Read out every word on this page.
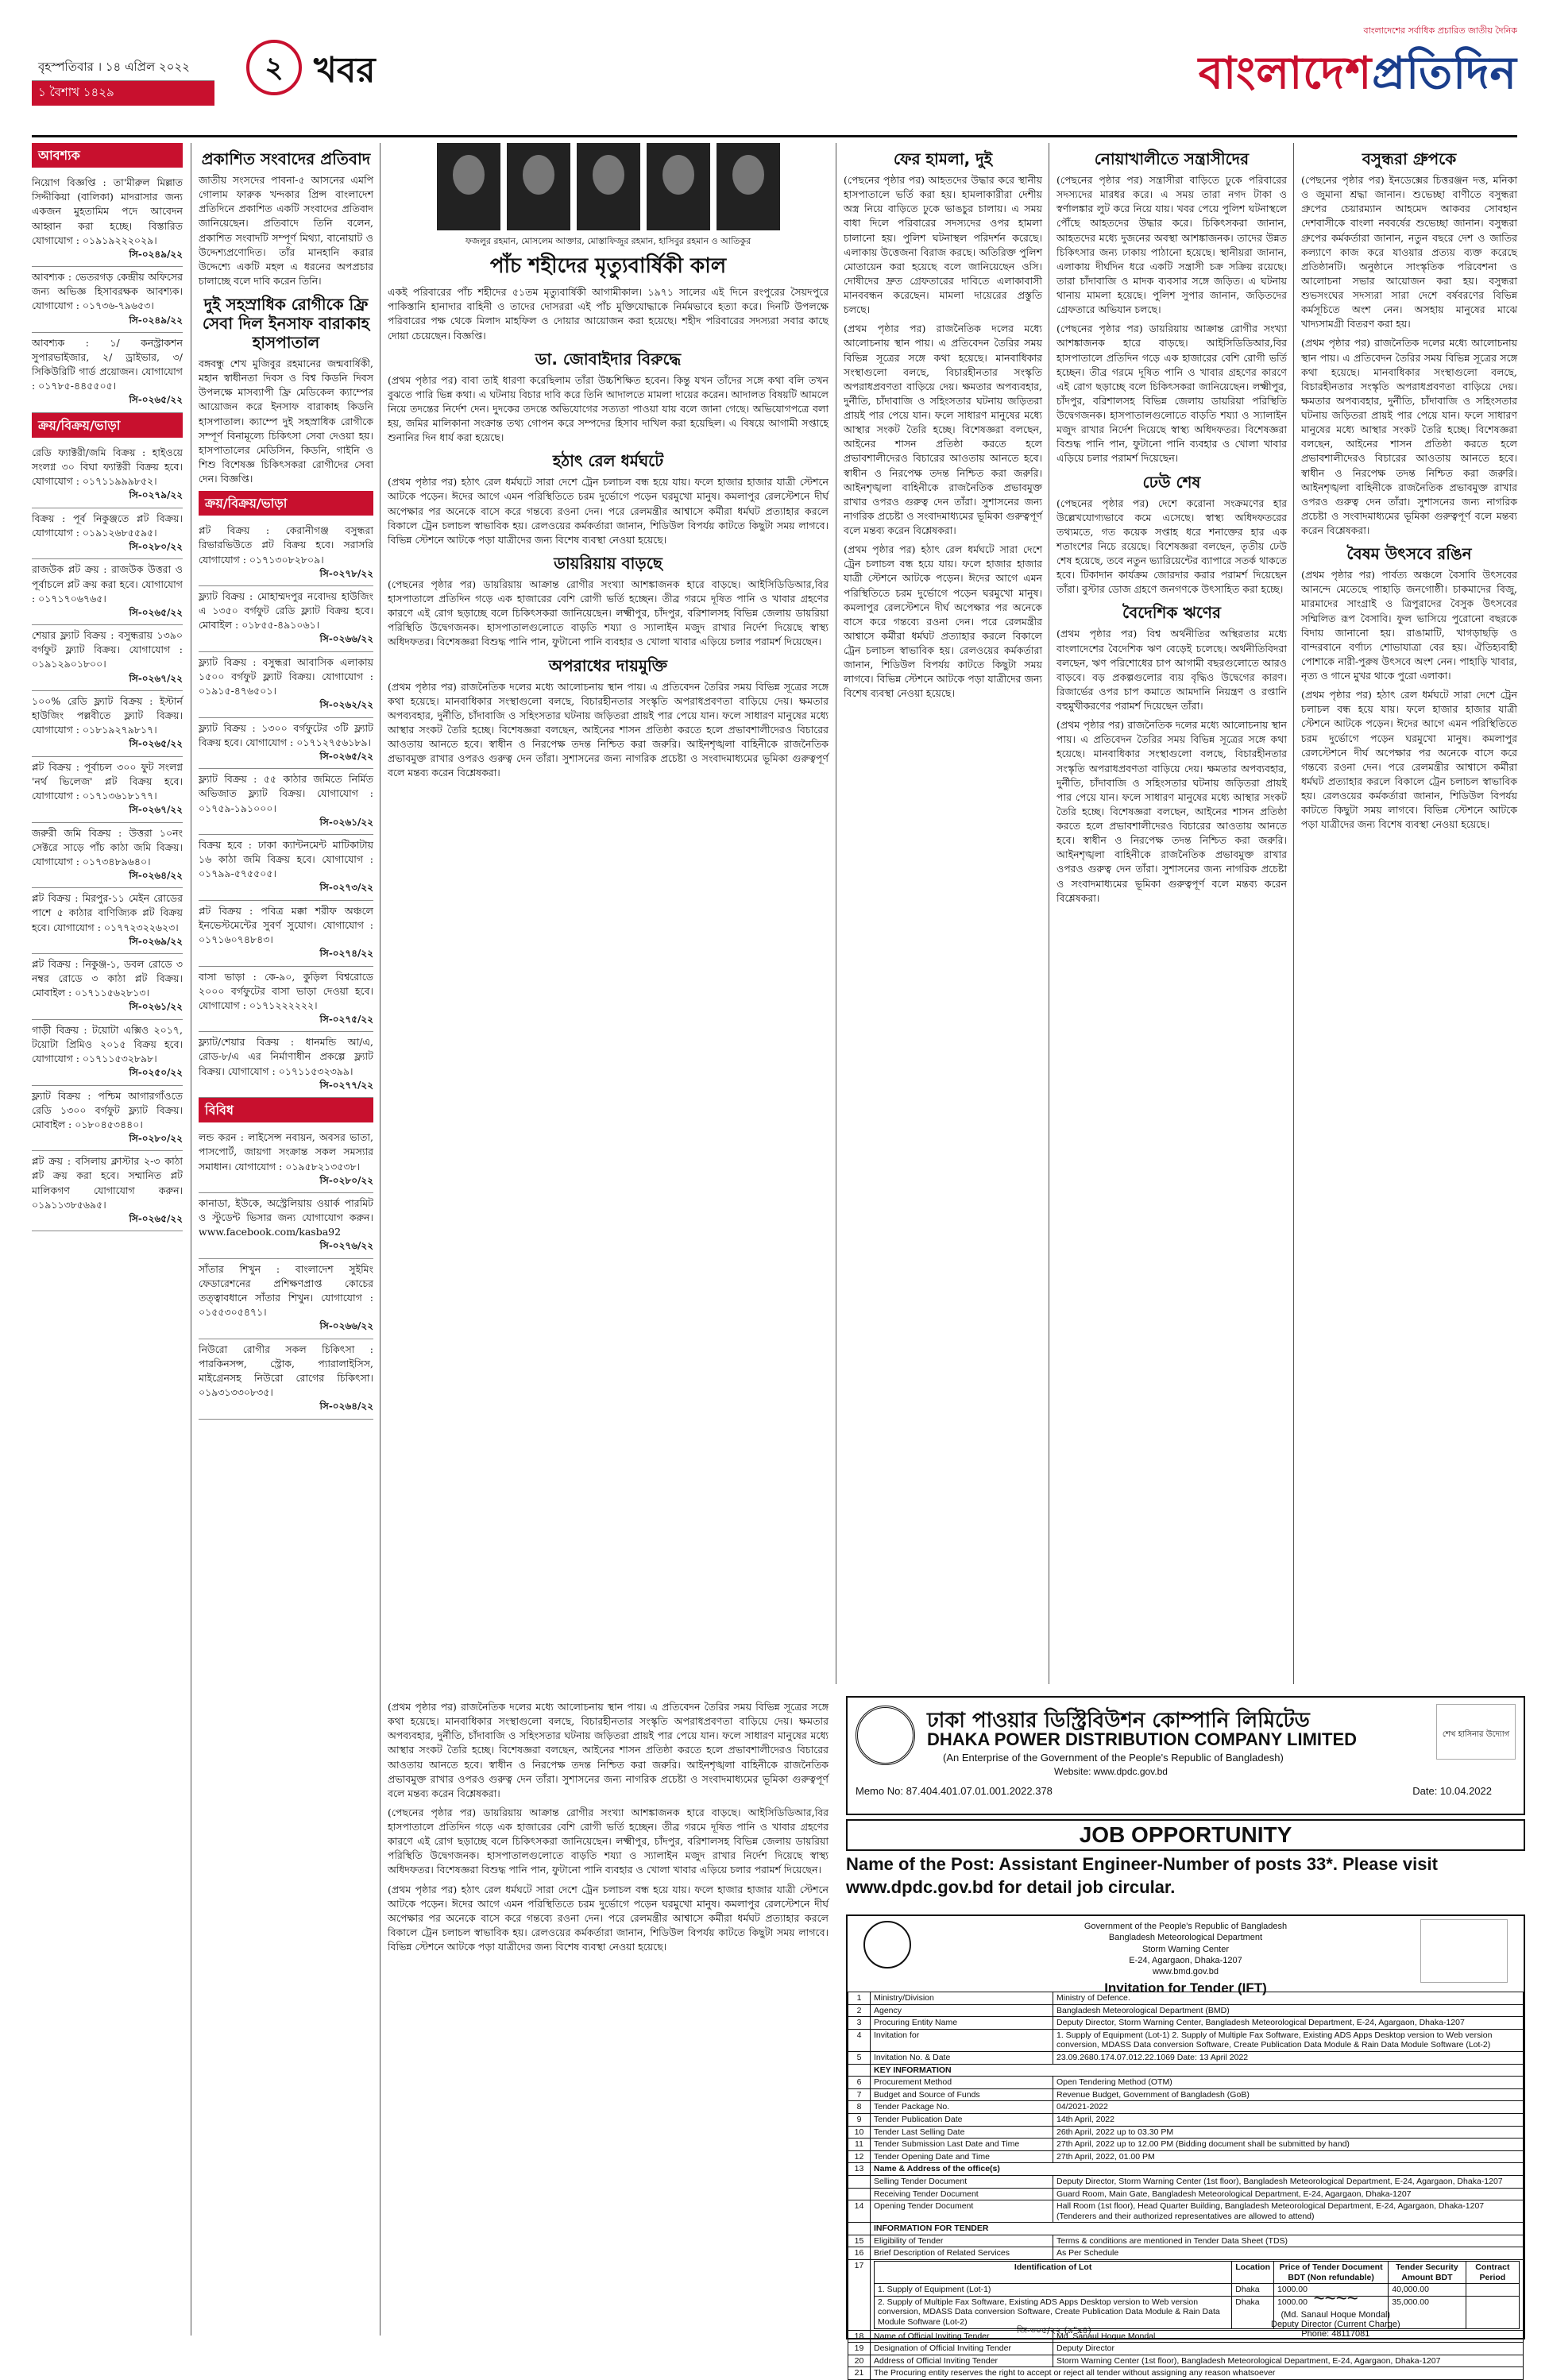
বৃহস্পতিবার । ১৪ এপ্রিল ২০২২
১ বৈশাখ ১৪২৯
২ খবর
বাংলাদেশের সর্বাধিক প্রচারিত জাতীয় দৈনিক
বাংলাদেশপ্রতিদিন
আবশ্যক
নিয়োগ বিজ্ঞপ্তি : তা'মীরুল মিল্লাত সিদ্দীকিয়া (বালিকা) মাদরাসার জন্য একজন মুহতামিম পদে আবেদন আহ্বান করা হচ্ছে। বিস্তারিত যোগাযোগ : ০১৯১৯২২২০২৯।
সি-০২৪৯/২২
আবশ্যক : ভেতরগড় কেন্দ্রীয় অফিসের জন্য অভিজ্ঞ হিসাবরক্ষক আবশ্যক। যোগাযোগ : ০১৭৩৬-৭৯৬৫৩।
সি-০২৪৯/২২
আবশ্যক : ১/ কনস্ট্রাকশন সুপারভাইজার, ২/ ড্রাইভার, ৩/ সিকিউরিটি গার্ড প্রয়োজন। যোগাযোগ : ০১৭৮৫-৪৪৫৫০৫।
সি-০২৬৫/২২
ক্রয়/বিক্রয়/ভাড়া
রেডি ফ্যাক্টরী/জমি বিক্রয় : হাইওয়ে সংলগ্ন ৩০ বিঘা ফ্যাক্টরী বিক্রয় হবে। যোগাযোগ : ০১৭১১৯৯৯৮৫২।
সি-০২৭৯/২২
বিক্রয় : পূর্ব নিকুঞ্জতে প্লট বিক্রয়। যোগাযোগ : ০১৯১২৬৮৫৫৯৫।
সি-০২৮০/২২
রাজউক প্লট ক্রয় : রাজউক উত্তরা ও পূর্বাচলে প্লট ক্রয় করা হবে। যোগাযোগ : ০১৭১৭০৬৭৬৫।
সি-০২৬৫/২২
শেয়ার ফ্ল্যাট বিক্রয় : বসুন্ধরায় ১৩৯০ বর্গফুট ফ্ল্যাট বিক্রয়। যোগাযোগ : ০১৯১২৯০১৮০০।
সি-০২৬৭/২২
১০০% রেডি ফ্ল্যাট বিক্রয় : ইস্টার্ন হাউজিং পল্লবীতে ফ্ল্যাট বিক্রয়। যোগাযোগ : ০১৮১৯২৭৯৮১৭।
সি-০২৬৫/২২
প্লট বিক্রয় : পূর্বাচল ৩০০ ফুট সংলগ্ন 'নর্থ ভিলেজ' প্লট বিক্রয় হবে। যোগাযোগ : ০১৭১৩৬১৮১৭৭।
সি-০২৬৭/২২
জরুরী জমি বিক্রয় : উত্তরা ১০নং সেক্টরে সাড়ে পাঁচ কাঠা জমি বিক্রয়। যোগাযোগ : ০১৭৩৪৮৯৬৪০।
সি-০২৬৪/২২
প্লট বিক্রয় : মিরপুর-১১ মেইন রোডের পাশে ৫ কাঠার বাণিজ্যিক প্লট বিক্রয় হবে। যোগাযোগ : ০১৭৭২৩২২৬২৩।
সি-০২৬৯/২২
প্লট বিক্রয় : নিকুঞ্জ-১, ডবল রোডে ৩ নম্বর রোডে ৩ কাঠা প্লট বিক্রয়। মোবাইল : ০১৭১১৫৬২৮১৩।
সি-০২৬১/২২
গাড়ী বিক্রয় : টয়োটা এক্সিও ২০১৭, টয়োটা প্রিমিও ২০১৫ বিক্রয় হবে। যোগাযোগ : ০১৭১১৫৩২৮৯৮।
সি-০২৫০/২২
ফ্ল্যাট বিক্রয় : পশ্চিম আগারগাঁওতে রেডি ১৩০০ বর্গফুট ফ্ল্যাট বিক্রয়। মোবাইল : ০১৮০৪৫৩৪৪০।
সি-০২৮০/২২
প্লট ক্রয় : বসিলায় ক্লাস্টার ২-৩ কাঠা প্লট ক্রয় করা হবে। সম্মানিত প্লট মালিকগণ যোগাযোগ করুন। ০১৯১১৩৮৫৬৯৫।
সি-০২৬৫/২২
প্রকাশিত সংবাদের প্রতিবাদ

জাতীয় সংসদের পাবনা-৫ আসনের এমপি গোলাম ফারুক খন্দকার প্রিন্স বাংলাদেশ প্রতিদিনে প্রকাশিত একটি সংবাদের প্রতিবাদ জানিয়েছেন। প্রতিবাদে তিনি বলেন, প্রকাশিত সংবাদটি সম্পূর্ণ মিথ্যা, বানোয়াট ও উদ্দেশ্যপ্রণোদিত। তাঁর মানহানি করার উদ্দেশ্যে একটি মহল এ ধরনের অপপ্রচার চালাচ্ছে বলে দাবি করেন তিনি।

দুই সহস্রাধিক রোগীকে ফ্রি সেবা দিল ইনসাফ বারাকাহ হাসপাতাল

বঙ্গবন্ধু শেখ মুজিবুর রহমানের জন্মবার্ষিকী, মহান স্বাধীনতা দিবস ও বিশ্ব কিডনি দিবস উপলক্ষে মাসব্যাপী ফ্রি মেডিকেল ক্যাম্পের আয়োজন করে ইনসাফ বারাকাহ কিডনি হাসপাতাল। ক্যাম্পে দুই সহস্রাধিক রোগীকে সম্পূর্ণ বিনামূল্যে চিকিৎসা সেবা দেওয়া হয়। হাসপাতালের মেডিসিন, কিডনি, গাইনি ও শিশু বিশেষজ্ঞ চিকিৎসকরা রোগীদের সেবা দেন। বিজ্ঞপ্তি।

ক্রয়/বিক্রয়/ভাড়া
প্লট বিক্রয় : কেরানীগঞ্জ বসুন্ধরা রিভারভিউতে প্লট বিক্রয় হবে। সরাসরি যোগাযোগ : ০১৭১৩০৮২৮০৯।
সি-০২৭৮/২২
ফ্ল্যাট বিক্রয় : মোহাম্মদপুর নবোদয় হাউজিং এ ১৩৫০ বর্গফুট রেডি ফ্ল্যাট বিক্রয় হবে। মোবাইল : ০১৮৫৫-৪৯১০৬১।
সি-০২৬৬/২২
ফ্ল্যাট বিক্রয় : বসুন্ধরা আবাসিক এলাকায় ১৫০০ বর্গফুট ফ্ল্যাট বিক্রয়। যোগাযোগ : ০১৯১৫-৪৭৬৫০১।
সি-০২৬২/২২
ফ্ল্যাট বিক্রয় : ১৩০০ বর্গফুটের ৩টি ফ্ল্যাট বিক্রয় হবে। যোগাযোগ : ০১৭১২৭৫৬১৮৯।
সি-০২৬৫/২২
ফ্ল্যাট বিক্রয় : ৫৫ কাঠার জমিতে নির্মিত অভিজাত ফ্ল্যাট বিক্রয়। যোগাযোগ : ০১৭৫৯-১৯১০০০।
সি-০২৬১/২২
বিক্রয় হবে : ঢাকা ক্যান্টনমেন্ট মাটিকাটায় ১৬ কাঠা জমি বিক্রয় হবে। যোগাযোগ : ০১৭৯৯-৫৭৫৫০৫।
সি-০২৭৩/২২
প্লট বিক্রয় : পবিত্র মক্কা শরীফ অঞ্চলে ইনভেস্টমেন্টের সুবর্ণ সুযোগ। যোগাযোগ : ০১৭১৬০৭৪৮৪৩।
সি-০২৭৪/২২
বাসা ভাড়া : কে-৯০, কুড়িল বিশ্বরোডে ২০০০ বর্গফুটের বাসা ভাড়া দেওয়া হবে। যোগাযোগ : ০১৭১২২২২২২।
সি-০২৭৫/২২
ফ্ল্যাট/শেয়ার বিক্রয় : ধানমন্ডি আ/এ, রোড-৮/এ এর নির্মাণাধীন প্রকল্পে ফ্ল্যাট বিক্রয়। যোগাযোগ : ০১৭১১৫৩২৩৯৯।
সি-০২৭৭/২২
বিবিধ
লন্ড করন : লাইসেন্স নবায়ন, অবসর ভাতা, পাসপোর্ট, জায়গা সংক্রান্ত সকল সমস্যার সমাধান। যোগাযোগ : ০১৯৫৮২১৩৫৩৮।
সি-০২৮০/২২
কানাডা, ইউকে, অস্ট্রেলিয়ায় ওয়ার্ক পারমিট ও স্টুডেন্ট ভিসার জন্য যোগাযোগ করুন। www.facebook.com/kasba92
সি-০২৭৬/২২
সাঁতার শিখুন : বাংলাদেশ সুইমিং ফেডারেশনের প্রশিক্ষণপ্রাপ্ত কোচের তত্ত্বাবধানে সাঁতার শিখুন। যোগাযোগ : ০১৫৫৩০৫৪৭১।
সি-০২৬৬/২২
নিউরো রোগীর সকল চিকিৎসা : পারকিনসন্স, স্ট্রোক, প্যারালাইসিস, মাইগ্রেনসহ নিউরো রোগের চিকিৎসা। ০১৯৩১৩৩০৮৩৫।
সি-০২৬৪/২২
ফজলুর রহমান, মোসলেম আক্তার, মোস্তাফিজুর রহমান, হাসিবুর রহমান ও আতিকুর
পাঁচ শহীদের মৃত্যুবার্ষিকী কাল

একই পরিবারের পাঁচ শহীদের ৫১তম মৃত্যুবার্ষিকী আগামীকাল। ১৯৭১ সালের এই দিনে রংপুরের সৈয়দপুরে পাকিস্তানি হানাদার বাহিনী ও তাদের দোসররা এই পাঁচ মুক্তিযোদ্ধাকে নির্মমভাবে হত্যা করে। দিনটি উপলক্ষে পরিবারের পক্ষ থেকে মিলাদ মাহফিল ও দোয়ার আয়োজন করা হয়েছে। শহীদ পরিবারের সদস্যরা সবার কাছে দোয়া চেয়েছেন। বিজ্ঞপ্তি।

ডা. জোবাইদার বিরুদ্ধে

(প্রথম পৃষ্ঠার পর) বাবা তাই ধারণা করেছিলাম তাঁরা উচ্চশিক্ষিত হবেন। কিন্তু যখন তাঁদের সঙ্গে কথা বলি তখন বুঝতে পারি ভিন্ন কথা। এ ঘটনায় বিচার দাবি করে তিনি আদালতে মামলা দায়ের করেন। আদালত বিষয়টি আমলে নিয়ে তদন্তের নির্দেশ দেন। দুদকের তদন্তে অভিযোগের সত্যতা পাওয়া যায় বলে জানা গেছে। অভিযোগপত্রে বলা হয়, জমির মালিকানা সংক্রান্ত তথ্য গোপন করে সম্পদের হিসাব দাখিল করা হয়েছিল। এ বিষয়ে আগামী সপ্তাহে শুনানির দিন ধার্য করা হয়েছে।

হঠাৎ রেল ধর্মঘটে

(প্রথম পৃষ্ঠার পর) হঠাৎ রেল ধর্মঘটে সারা দেশে ট্রেন চলাচল বন্ধ হয়ে যায়। ফলে হাজার হাজার যাত্রী স্টেশনে আটকে পড়েন। ঈদের আগে এমন পরিস্থিতিতে চরম দুর্ভোগে পড়েন ঘরমুখো মানুষ। কমলাপুর রেলস্টেশনে দীর্ঘ অপেক্ষার পর অনেকে বাসে করে গন্তব্যে রওনা দেন। পরে রেলমন্ত্রীর আশ্বাসে কর্মীরা ধর্মঘট প্রত্যাহার করলে বিকালে ট্রেন চলাচল স্বাভাবিক হয়। রেলওয়ের কর্মকর্তারা জানান, শিডিউল বিপর্যয় কাটতে কিছুটা সময় লাগবে। বিভিন্ন স্টেশনে আটকে পড়া যাত্রীদের জন্য বিশেষ ব্যবস্থা নেওয়া হয়েছে।

ডায়রিয়ায় বাড়ছে

(পেছনের পৃষ্ঠার পর) ডায়রিয়ায় আক্রান্ত রোগীর সংখ্যা আশঙ্কাজনক হারে বাড়ছে। আইসিডিডিআর,বির হাসপাতালে প্রতিদিন গড়ে এক হাজারের বেশি রোগী ভর্তি হচ্ছেন। তীব্র গরমে দূষিত পানি ও খাবার গ্রহণের কারণে এই রোগ ছড়াচ্ছে বলে চিকিৎসকরা জানিয়েছেন। লক্ষ্মীপুর, চাঁদপুর, বরিশালসহ বিভিন্ন জেলায় ডায়রিয়া পরিস্থিতি উদ্বেগজনক। হাসপাতালগুলোতে বাড়তি শয্যা ও স্যালাইন মজুদ রাখার নির্দেশ দিয়েছে স্বাস্থ্য অধিদফতর। বিশেষজ্ঞরা বিশুদ্ধ পানি পান, ফুটানো পানি ব্যবহার ও খোলা খাবার এড়িয়ে চলার পরামর্শ দিয়েছেন।

অপরাধের দায়মুক্তি

(প্রথম পৃষ্ঠার পর) রাজনৈতিক দলের মধ্যে আলোচনায় স্থান পায়। এ প্রতিবেদন তৈরির সময় বিভিন্ন সূত্রের সঙ্গে কথা হয়েছে। মানবাধিকার সংস্থাগুলো বলছে, বিচারহীনতার সংস্কৃতি অপরাধপ্রবণতা বাড়িয়ে দেয়। ক্ষমতার অপব্যবহার, দুর্নীতি, চাঁদাবাজি ও সহিংসতার ঘটনায় জড়িতরা প্রায়ই পার পেয়ে যান। ফলে সাধারণ মানুষের মধ্যে আস্থার সংকট তৈরি হচ্ছে। বিশেষজ্ঞরা বলছেন, আইনের শাসন প্রতিষ্ঠা করতে হলে প্রভাবশালীদেরও বিচারের আওতায় আনতে হবে। স্বাধীন ও নিরপেক্ষ তদন্ত নিশ্চিত করা জরুরি। আইনশৃঙ্খলা বাহিনীকে রাজনৈতিক প্রভাবমুক্ত রাখার ওপরও গুরুত্ব দেন তাঁরা। সুশাসনের জন্য নাগরিক প্রচেষ্টা ও সংবাদমাধ্যমের ভূমিকা গুরুত্বপূর্ণ বলে মন্তব্য করেন বিশ্লেষকরা।

(প্রথম পৃষ্ঠার পর) রাজনৈতিক দলের মধ্যে আলোচনায় স্থান পায়। এ প্রতিবেদন তৈরির সময় বিভিন্ন সূত্রের সঙ্গে কথা হয়েছে। মানবাধিকার সংস্থাগুলো বলছে, বিচারহীনতার সংস্কৃতি অপরাধপ্রবণতা বাড়িয়ে দেয়। ক্ষমতার অপব্যবহার, দুর্নীতি, চাঁদাবাজি ও সহিংসতার ঘটনায় জড়িতরা প্রায়ই পার পেয়ে যান। ফলে সাধারণ মানুষের মধ্যে আস্থার সংকট তৈরি হচ্ছে। বিশেষজ্ঞরা বলছেন, আইনের শাসন প্রতিষ্ঠা করতে হলে প্রভাবশালীদেরও বিচারের আওতায় আনতে হবে। স্বাধীন ও নিরপেক্ষ তদন্ত নিশ্চিত করা জরুরি। আইনশৃঙ্খলা বাহিনীকে রাজনৈতিক প্রভাবমুক্ত রাখার ওপরও গুরুত্ব দেন তাঁরা। সুশাসনের জন্য নাগরিক প্রচেষ্টা ও সংবাদমাধ্যমের ভূমিকা গুরুত্বপূর্ণ বলে মন্তব্য করেন বিশ্লেষকরা।

(পেছনের পৃষ্ঠার পর) ডায়রিয়ায় আক্রান্ত রোগীর সংখ্যা আশঙ্কাজনক হারে বাড়ছে। আইসিডিডিআর,বির হাসপাতালে প্রতিদিন গড়ে এক হাজারের বেশি রোগী ভর্তি হচ্ছেন। তীব্র গরমে দূষিত পানি ও খাবার গ্রহণের কারণে এই রোগ ছড়াচ্ছে বলে চিকিৎসকরা জানিয়েছেন। লক্ষ্মীপুর, চাঁদপুর, বরিশালসহ বিভিন্ন জেলায় ডায়রিয়া পরিস্থিতি উদ্বেগজনক। হাসপাতালগুলোতে বাড়তি শয্যা ও স্যালাইন মজুদ রাখার নির্দেশ দিয়েছে স্বাস্থ্য অধিদফতর। বিশেষজ্ঞরা বিশুদ্ধ পানি পান, ফুটানো পানি ব্যবহার ও খোলা খাবার এড়িয়ে চলার পরামর্শ দিয়েছেন।

(প্রথম পৃষ্ঠার পর) হঠাৎ রেল ধর্মঘটে সারা দেশে ট্রেন চলাচল বন্ধ হয়ে যায়। ফলে হাজার হাজার যাত্রী স্টেশনে আটকে পড়েন। ঈদের আগে এমন পরিস্থিতিতে চরম দুর্ভোগে পড়েন ঘরমুখো মানুষ। কমলাপুর রেলস্টেশনে দীর্ঘ অপেক্ষার পর অনেকে বাসে করে গন্তব্যে রওনা দেন। পরে রেলমন্ত্রীর আশ্বাসে কর্মীরা ধর্মঘট প্রত্যাহার করলে বিকালে ট্রেন চলাচল স্বাভাবিক হয়। রেলওয়ের কর্মকর্তারা জানান, শিডিউল বিপর্যয় কাটতে কিছুটা সময় লাগবে। বিভিন্ন স্টেশনে আটকে পড়া যাত্রীদের জন্য বিশেষ ব্যবস্থা নেওয়া হয়েছে।

ফের হামলা, দুই

(পেছনের পৃষ্ঠার পর) আহতদের উদ্ধার করে স্থানীয় হাসপাতালে ভর্তি করা হয়। হামলাকারীরা দেশীয় অস্ত্র নিয়ে বাড়িতে ঢুকে ভাঙচুর চালায়। এ সময় বাধা দিলে পরিবারের সদস্যদের ওপর হামলা চালানো হয়। পুলিশ ঘটনাস্থল পরিদর্শন করেছে। এলাকায় উত্তেজনা বিরাজ করছে। অতিরিক্ত পুলিশ মোতায়েন করা হয়েছে বলে জানিয়েছেন ওসি। দোষীদের দ্রুত গ্রেফতারের দাবিতে এলাকাবাসী মানববন্ধন করেছেন। মামলা দায়েরের প্রস্তুতি চলছে।

(প্রথম পৃষ্ঠার পর) রাজনৈতিক দলের মধ্যে আলোচনায় স্থান পায়। এ প্রতিবেদন তৈরির সময় বিভিন্ন সূত্রের সঙ্গে কথা হয়েছে। মানবাধিকার সংস্থাগুলো বলছে, বিচারহীনতার সংস্কৃতি অপরাধপ্রবণতা বাড়িয়ে দেয়। ক্ষমতার অপব্যবহার, দুর্নীতি, চাঁদাবাজি ও সহিংসতার ঘটনায় জড়িতরা প্রায়ই পার পেয়ে যান। ফলে সাধারণ মানুষের মধ্যে আস্থার সংকট তৈরি হচ্ছে। বিশেষজ্ঞরা বলছেন, আইনের শাসন প্রতিষ্ঠা করতে হলে প্রভাবশালীদেরও বিচারের আওতায় আনতে হবে। স্বাধীন ও নিরপেক্ষ তদন্ত নিশ্চিত করা জরুরি। আইনশৃঙ্খলা বাহিনীকে রাজনৈতিক প্রভাবমুক্ত রাখার ওপরও গুরুত্ব দেন তাঁরা। সুশাসনের জন্য নাগরিক প্রচেষ্টা ও সংবাদমাধ্যমের ভূমিকা গুরুত্বপূর্ণ বলে মন্তব্য করেন বিশ্লেষকরা।

(প্রথম পৃষ্ঠার পর) হঠাৎ রেল ধর্মঘটে সারা দেশে ট্রেন চলাচল বন্ধ হয়ে যায়। ফলে হাজার হাজার যাত্রী স্টেশনে আটকে পড়েন। ঈদের আগে এমন পরিস্থিতিতে চরম দুর্ভোগে পড়েন ঘরমুখো মানুষ। কমলাপুর রেলস্টেশনে দীর্ঘ অপেক্ষার পর অনেকে বাসে করে গন্তব্যে রওনা দেন। পরে রেলমন্ত্রীর আশ্বাসে কর্মীরা ধর্মঘট প্রত্যাহার করলে বিকালে ট্রেন চলাচল স্বাভাবিক হয়। রেলওয়ের কর্মকর্তারা জানান, শিডিউল বিপর্যয় কাটতে কিছুটা সময় লাগবে। বিভিন্ন স্টেশনে আটকে পড়া যাত্রীদের জন্য বিশেষ ব্যবস্থা নেওয়া হয়েছে।

নোয়াখালীতে সন্ত্রাসীদের

(পেছনের পৃষ্ঠার পর) সন্ত্রাসীরা বাড়িতে ঢুকে পরিবারের সদস্যদের মারধর করে। এ সময় তারা নগদ টাকা ও স্বর্ণালঙ্কার লুট করে নিয়ে যায়। খবর পেয়ে পুলিশ ঘটনাস্থলে পৌঁছে আহতদের উদ্ধার করে। চিকিৎসকরা জানান, আহতদের মধ্যে দুজনের অবস্থা আশঙ্কাজনক। তাদের উন্নত চিকিৎসার জন্য ঢাকায় পাঠানো হয়েছে। স্থানীয়রা জানান, এলাকায় দীর্ঘদিন ধরে একটি সন্ত্রাসী চক্র সক্রিয় রয়েছে। তারা চাঁদাবাজি ও মাদক ব্যবসার সঙ্গে জড়িত। এ ঘটনায় থানায় মামলা হয়েছে। পুলিশ সুপার জানান, জড়িতদের গ্রেফতারে অভিযান চলছে।

(পেছনের পৃষ্ঠার পর) ডায়রিয়ায় আক্রান্ত রোগীর সংখ্যা আশঙ্কাজনক হারে বাড়ছে। আইসিডিডিআর,বির হাসপাতালে প্রতিদিন গড়ে এক হাজারের বেশি রোগী ভর্তি হচ্ছেন। তীব্র গরমে দূষিত পানি ও খাবার গ্রহণের কারণে এই রোগ ছড়াচ্ছে বলে চিকিৎসকরা জানিয়েছেন। লক্ষ্মীপুর, চাঁদপুর, বরিশালসহ বিভিন্ন জেলায় ডায়রিয়া পরিস্থিতি উদ্বেগজনক। হাসপাতালগুলোতে বাড়তি শয্যা ও স্যালাইন মজুদ রাখার নির্দেশ দিয়েছে স্বাস্থ্য অধিদফতর। বিশেষজ্ঞরা বিশুদ্ধ পানি পান, ফুটানো পানি ব্যবহার ও খোলা খাবার এড়িয়ে চলার পরামর্শ দিয়েছেন।

ঢেউ শেষ

(পেছনের পৃষ্ঠার পর) দেশে করোনা সংক্রমণের হার উল্লেখযোগ্যভাবে কমে এসেছে। স্বাস্থ্য অধিদফতরের তথ্যমতে, গত কয়েক সপ্তাহ ধরে শনাক্তের হার এক শতাংশের নিচে রয়েছে। বিশেষজ্ঞরা বলছেন, তৃতীয় ঢেউ শেষ হয়েছে, তবে নতুন ভ্যারিয়েন্টের ব্যাপারে সতর্ক থাকতে হবে। টিকাদান কার্যক্রম জোরদার করার পরামর্শ দিয়েছেন তাঁরা। বুস্টার ডোজ গ্রহণে জনগণকে উৎসাহিত করা হচ্ছে।

বৈদেশিক ঋণের

(প্রথম পৃষ্ঠার পর) বিশ্ব অর্থনীতির অস্থিরতার মধ্যে বাংলাদেশের বৈদেশিক ঋণ বেড়েই চলেছে। অর্থনীতিবিদরা বলছেন, ঋণ পরিশোধের চাপ আগামী বছরগুলোতে আরও বাড়বে। বড় প্রকল্পগুলোর ব্যয় বৃদ্ধিও উদ্বেগের কারণ। রিজার্ভের ওপর চাপ কমাতে আমদানি নিয়ন্ত্রণ ও রপ্তানি বহুমুখীকরণের পরামর্শ দিয়েছেন তাঁরা।

(প্রথম পৃষ্ঠার পর) রাজনৈতিক দলের মধ্যে আলোচনায় স্থান পায়। এ প্রতিবেদন তৈরির সময় বিভিন্ন সূত্রের সঙ্গে কথা হয়েছে। মানবাধিকার সংস্থাগুলো বলছে, বিচারহীনতার সংস্কৃতি অপরাধপ্রবণতা বাড়িয়ে দেয়। ক্ষমতার অপব্যবহার, দুর্নীতি, চাঁদাবাজি ও সহিংসতার ঘটনায় জড়িতরা প্রায়ই পার পেয়ে যান। ফলে সাধারণ মানুষের মধ্যে আস্থার সংকট তৈরি হচ্ছে। বিশেষজ্ঞরা বলছেন, আইনের শাসন প্রতিষ্ঠা করতে হলে প্রভাবশালীদেরও বিচারের আওতায় আনতে হবে। স্বাধীন ও নিরপেক্ষ তদন্ত নিশ্চিত করা জরুরি। আইনশৃঙ্খলা বাহিনীকে রাজনৈতিক প্রভাবমুক্ত রাখার ওপরও গুরুত্ব দেন তাঁরা। সুশাসনের জন্য নাগরিক প্রচেষ্টা ও সংবাদমাধ্যমের ভূমিকা গুরুত্বপূর্ণ বলে মন্তব্য করেন বিশ্লেষকরা।

বসুন্ধরা গ্রুপকে

(পেছনের পৃষ্ঠার পর) ইনডেক্সের চিত্তরঞ্জন দত্ত, মনিকা ও জুমানা শ্রদ্ধা জানান। শুভেচ্ছা বাণীতে বসুন্ধরা গ্রুপের চেয়ারম্যান আহমেদ আকবর সোবহান দেশবাসীকে বাংলা নববর্ষের শুভেচ্ছা জানান। বসুন্ধরা গ্রুপের কর্মকর্তারা জানান, নতুন বছরে দেশ ও জাতির কল্যাণে কাজ করে যাওয়ার প্রত্যয় ব্যক্ত করেছে প্রতিষ্ঠানটি। অনুষ্ঠানে সাংস্কৃতিক পরিবেশনা ও আলোচনা সভার আয়োজন করা হয়। বসুন্ধরা শুভসংঘের সদস্যরা সারা দেশে বর্ষবরণের বিভিন্ন কর্মসূচিতে অংশ নেন। অসহায় মানুষের মাঝে খাদ্যসামগ্রী বিতরণ করা হয়।

(প্রথম পৃষ্ঠার পর) রাজনৈতিক দলের মধ্যে আলোচনায় স্থান পায়। এ প্রতিবেদন তৈরির সময় বিভিন্ন সূত্রের সঙ্গে কথা হয়েছে। মানবাধিকার সংস্থাগুলো বলছে, বিচারহীনতার সংস্কৃতি অপরাধপ্রবণতা বাড়িয়ে দেয়। ক্ষমতার অপব্যবহার, দুর্নীতি, চাঁদাবাজি ও সহিংসতার ঘটনায় জড়িতরা প্রায়ই পার পেয়ে যান। ফলে সাধারণ মানুষের মধ্যে আস্থার সংকট তৈরি হচ্ছে। বিশেষজ্ঞরা বলছেন, আইনের শাসন প্রতিষ্ঠা করতে হলে প্রভাবশালীদেরও বিচারের আওতায় আনতে হবে। স্বাধীন ও নিরপেক্ষ তদন্ত নিশ্চিত করা জরুরি। আইনশৃঙ্খলা বাহিনীকে রাজনৈতিক প্রভাবমুক্ত রাখার ওপরও গুরুত্ব দেন তাঁরা। সুশাসনের জন্য নাগরিক প্রচেষ্টা ও সংবাদমাধ্যমের ভূমিকা গুরুত্বপূর্ণ বলে মন্তব্য করেন বিশ্লেষকরা।

বৈষম উৎসবে রঙিন

(প্রথম পৃষ্ঠার পর) পার্বত্য অঞ্চলে বৈসাবি উৎসবের আনন্দে মেতেছে পাহাড়ি জনগোষ্ঠী। চাকমাদের বিজু, মারমাদের সাংগ্রাই ও ত্রিপুরাদের বৈসুক উৎসবের সম্মিলিত রূপ বৈসাবি। ফুল ভাসিয়ে পুরোনো বছরকে বিদায় জানানো হয়। রাঙামাটি, খাগড়াছড়ি ও বান্দরবানে বর্ণাঢ্য শোভাযাত্রা বের হয়। ঐতিহ্যবাহী পোশাকে নারী-পুরুষ উৎসবে অংশ নেন। পাহাড়ি খাবার, নৃত্য ও গানে মুখর থাকে পুরো এলাকা।

(প্রথম পৃষ্ঠার পর) হঠাৎ রেল ধর্মঘটে সারা দেশে ট্রেন চলাচল বন্ধ হয়ে যায়। ফলে হাজার হাজার যাত্রী স্টেশনে আটকে পড়েন। ঈদের আগে এমন পরিস্থিতিতে চরম দুর্ভোগে পড়েন ঘরমুখো মানুষ। কমলাপুর রেলস্টেশনে দীর্ঘ অপেক্ষার পর অনেকে বাসে করে গন্তব্যে রওনা দেন। পরে রেলমন্ত্রীর আশ্বাসে কর্মীরা ধর্মঘট প্রত্যাহার করলে বিকালে ট্রেন চলাচল স্বাভাবিক হয়। রেলওয়ের কর্মকর্তারা জানান, শিডিউল বিপর্যয় কাটতে কিছুটা সময় লাগবে। বিভিন্ন স্টেশনে আটকে পড়া যাত্রীদের জন্য বিশেষ ব্যবস্থা নেওয়া হয়েছে।

ঢাকা পাওয়ার ডিস্ট্রিবিউশন কোম্পানি লিমিটেড
DHAKA POWER DISTRIBUTION COMPANY LIMITED
(An Enterprise of the Government of the People's Republic of Bangladesh)
Website: www.dpdc.gov.bd
শেখ হাসিনার উদ্যোগ
Memo No: 87.404.401.07.01.001.2022.378	Date: 10.04.2022
JOB OPPORTUNITY
Name of the Post: Assistant Engineer-Number of posts 33*. Please visit www.dpdc.gov.bd for detail job circular.
Government of the People's Republic of Bangladesh
Bangladesh Meteorological Department
Storm Warning Center
E-24, Agargaon, Dhaka-1207
www.bmd.gov.bd
Invitation for Tender (IFT)
1	Ministry/Division	Ministry of Defence.
2	Agency	Bangladesh Meteorological Department (BMD)
3	Procuring Entity Name	Deputy Director, Storm Warning Center, Bangladesh Meteorological Department, E-24, Agargaon, Dhaka-1207
4	Invitation for	1. Supply of Equipment (Lot-1) 2. Supply of Multiple Fax Software, Existing ADS Apps Desktop version to Web version conversion, MDASS Data conversion Software, Create Publication Data Module & Rain Data Module Software (Lot-2)
5	Invitation No. & Date	23.09.2680.174.07.012.22.1069 Date: 13 April 2022
	KEY INFORMATION
6	Procurement Method	Open Tendering Method (OTM)
7	Budget and Source of Funds	Revenue Budget, Government of Bangladesh (GoB)
8	Tender Package No.	04/2021-2022
9	Tender Publication Date	14th April, 2022
10	Tender Last Selling Date	26th April, 2022 up to 03.30 PM
11	Tender Submission Last Date and Time	27th April, 2022 up to 12.00 PM (Bidding document shall be submitted by hand)
12	Tender Opening Date and Time	27th April, 2022, 01.00 PM
13	Name & Address of the office(s)
	Selling Tender Document	Deputy Director, Storm Warning Center (1st floor), Bangladesh Meteorological Department, E-24, Agargaon, Dhaka-1207
	Receiving Tender Document	Guard Room, Main Gate, Bangladesh Meteorological Department, E-24, Agargaon, Dhaka-1207
14	Opening Tender Document	Hall Room (1st floor), Head Quarter Building, Bangladesh Meteorological Department, E-24, Agargaon, Dhaka-1207 (Tenderers and their authorized representatives are allowed to attend)
	INFORMATION FOR TENDER
15	Eligibility of Tender	Terms & conditions are mentioned in Tender Data Sheet (TDS)
16	Brief Description of Related Services	As Per Schedule
17		Identification of Lot	Location	Price of Tender Document BDT (Non refundable)	Tender Security Amount BDT	Contract Period
1. Supply of Equipment (Lot-1)	Dhaka	1000.00	40,000.00	
2. Supply of Multiple Fax Software, Existing ADS Apps Desktop version to Web version conversion, MDASS Data conversion Software, Create Publication Data Module & Rain Data Module Software (Lot-2)	Dhaka	1000.00	35,000.00	

18	Name of Official Inviting Tender	Md. Sanaul Hoque Mondal
19	Designation of Official Inviting Tender	Deputy Director
20	Address of Official Inviting Tender	Storm Warning Center (1st floor), Bangladesh Meteorological Department, E-24, Agargaon, Dhaka-1207
21	The Procuring entity reserves the right to accept or reject all tender without assigning any reason whatsoever
~~~~
(Md. Sanaul Hoque Mondal)
Deputy Director (Current Charge)
Phone: 48117081
জি-৩০৫/২২ (৯"x৪)
